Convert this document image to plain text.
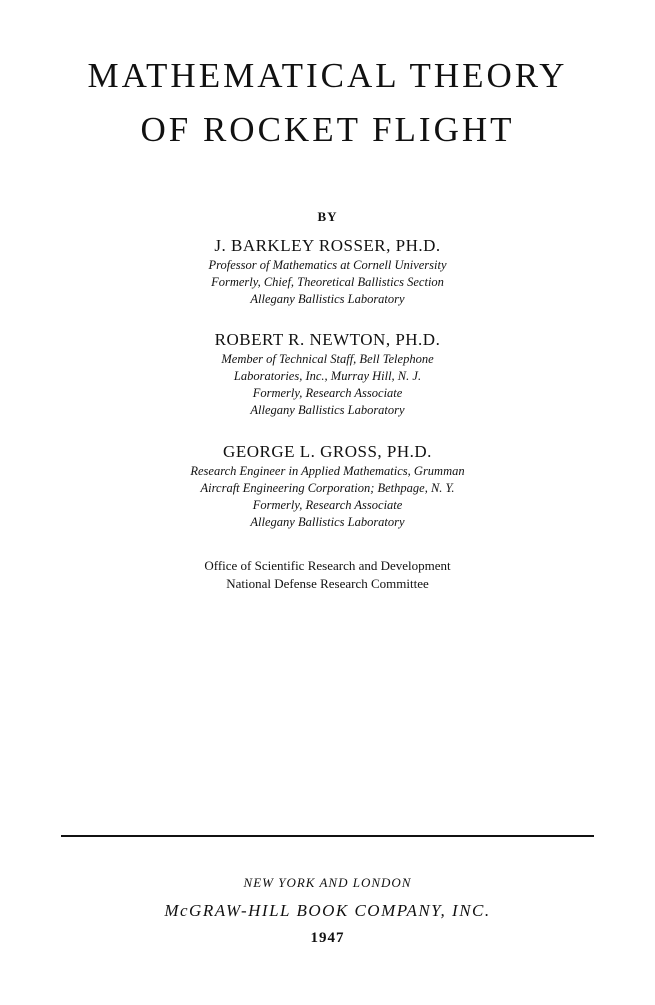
MATHEMATICAL THEORY
OF ROCKET FLIGHT
BY
J. BARKLEY ROSSER, PH.D.
Professor of Mathematics at Cornell University
Formerly, Chief, Theoretical Ballistics Section
Allegany Ballistics Laboratory
ROBERT R. NEWTON, PH.D.
Member of Technical Staff, Bell Telephone
Laboratories, Inc., Murray Hill, N. J.
Formerly, Research Associate
Allegany Ballistics Laboratory
GEORGE L. GROSS, PH.D.
Research Engineer in Applied Mathematics, Grumman
Aircraft Engineering Corporation; Bethpage, N. Y.
Formerly, Research Associate
Allegany Ballistics Laboratory
Office of Scientific Research and Development
National Defense Research Committee
NEW YORK AND LONDON
McGRAW-HILL BOOK COMPANY, INC.
1947
